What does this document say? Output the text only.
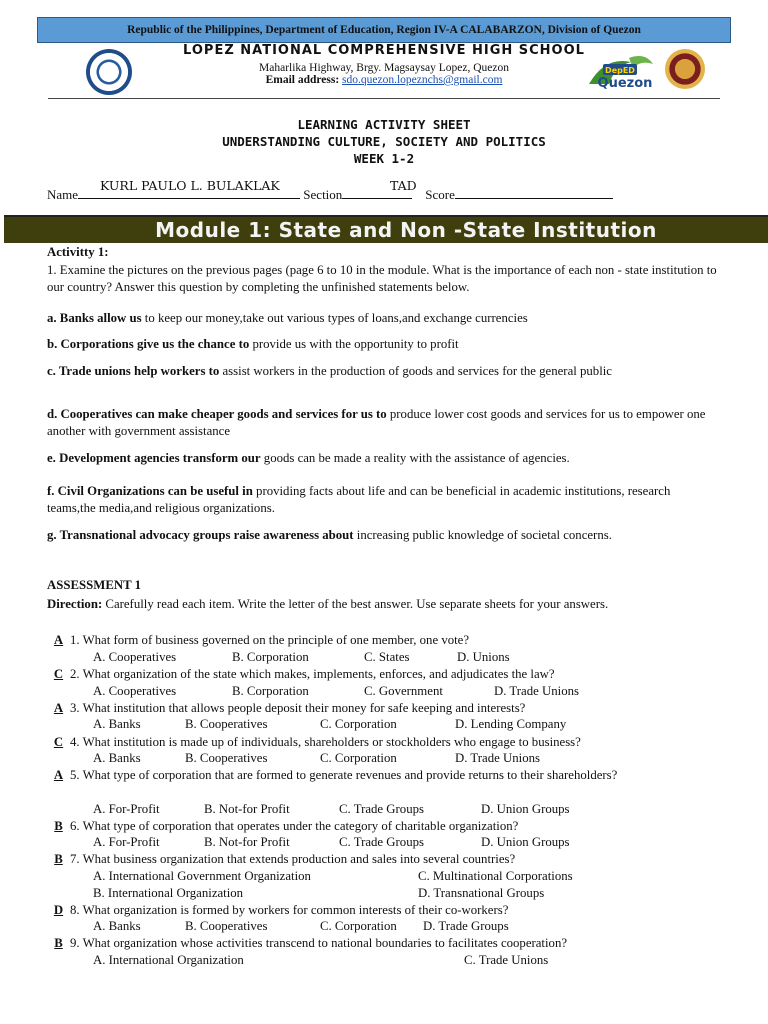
Republic of the Philippines, Department of Education, Region IV-A CALABARZON, Division of Quezon
DepED
Quezon
LOPEZ NATIONAL COMPREHENSIVE HIGH SCHOOL
Maharlika Highway, Brgy. Magsaysay Lopez, Quezon
Email address: sdo.quezon.lopeznchs@gmail.com
LEARNING ACTIVITY SHEET
UNDERSTANDING CULTURE, SOCIETY AND POLITICS
WEEK 1-2
KURL PAULO L. BULAKLAK	TAD
Name	Section	Score
Module 1: State and Non -State Institution

Activitty 1:

1. Examine the pictures on the previous pages (page 6 to 10 in the module. What is the importance of each non - state institution to our country? Answer this question by completing the unfinished statements below.

a. Banks allow us to keep our money,take out various types of loans,and exchange currencies

b. Corporations give us the chance to provide us with the opportunity to profit

c. Trade unions help workers to assist workers in the production of goods and services for the general public

d. Cooperatives can make cheaper goods and services for us to produce lower cost goods and services for us to empower one another with government assistance

e. Development agencies transform our goods can be made a reality with the assistance of agencies.

f. Civil Organizations can be useful in providing facts about life and can be beneficial in academic institutions, research teams,the media,and religious organizations.

g. Transnational advocacy groups raise awareness about increasing public knowledge of societal concerns.

ASSESSMENT 1

Direction: Carefully read each item. Write the letter of the best answer. Use separate sheets for your answers.

A 1. What form of business governed on the principle of one member, one vote?

A. Cooperatives	B. Corporation	C. States	D. Unions

C 2. What organization of the state which makes, implements, enforces, and adjudicates the law?

A. Cooperatives	B. Corporation	C. Government	D. Trade Unions

A 3. What institution that allows people deposit their money for safe keeping and interests?

A. Banks	B. Cooperatives	C. Corporation	D. Lending Company

C 4. What institution is made up of individuals, shareholders or stockholders who engage to business?

A. Banks	B. Cooperatives	C. Corporation	D. Trade Unions

A 5. What type of corporation that are formed to generate revenues and provide returns to their shareholders?

A. For-Profit	B. Not-for Profit	C. Trade Groups	D. Union Groups

B 6. What type of corporation that operates under the category of charitable organization?

A. For-Profit	B. Not-for Profit	C. Trade Groups	D. Union Groups

B 7. What business organization that extends production and sales into several countries?

A. International Government Organization	C. Multinational Corporations
B. International Organization	D. Transnational Groups

D 8. What organization is formed by workers for common interests of their co-workers?

A. Banks	B. Cooperatives	C. Corporation D. Trade Groups

B 9. What organization whose activities transcend to national boundaries to facilitates cooperation?

A. International Organization	C. Trade Unions
